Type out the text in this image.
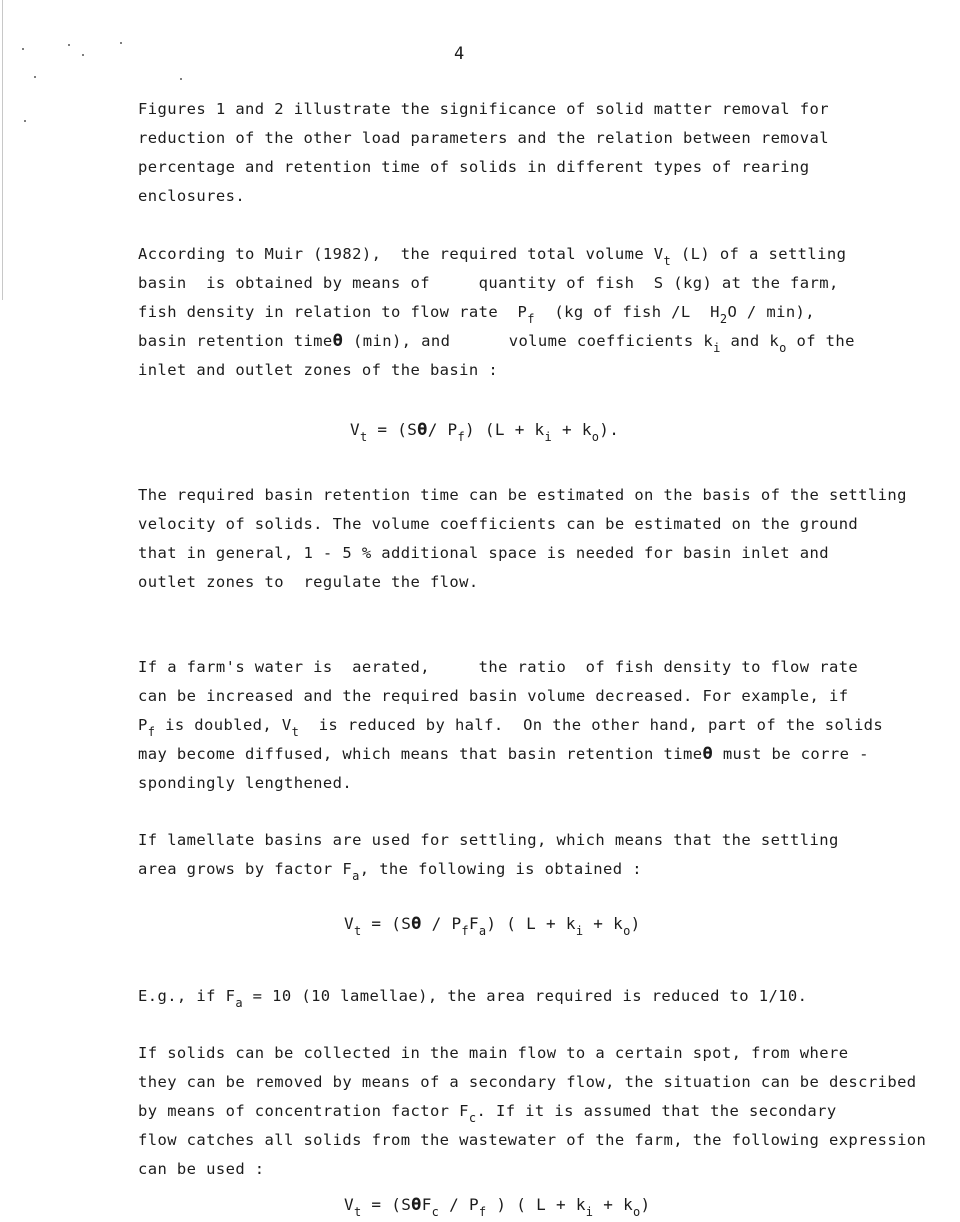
4
Figures 1 and 2 illustrate the significance of solid matter removal for
reduction of the other load parameters and the relation between removal
percentage and retention time of solids in different types of rearing
enclosures.
According to Muir (1982),  the required total volume $V_t$ (L) of a settling
basin  is obtained by means of     quantity of fish  S (kg) at the farm,
fish density in relation to flow rate  $P_f$  (kg of fish /L  $H_2O / \min$),
basin retention timeϴ (min), and      volume coefficients $k_i$ and $k_o$ of the
inlet and outlet zones of the basin :
$V_t = (Sϴ/$ $P_f$) $(L + k_i + k_o)$.
The required basin retention time can be estimated on the basis of the settling
velocity of solids. The volume coefficients can be estimated on the ground
that in general, 1 - 5 % additional space is needed for basin inlet and
outlet zones to  regulate the flow.
If a farm's water is  aerated,     the ratio  of fish density to flow rate
can be increased and the required basin volume decreased. For example, if
$P_f$ is doubled, $V_t$  is reduced by half.  On the other hand, part of the solids
may become diffused, which means that basin retention timeϴ must be corre -
spondingly lengthened.
If lamellate basins are used for settling, which means that the settling
area grows by factor $F_a$, the following is obtained :
$V_t = (Sϴ / P_fF_a)$ ( $L + k_i + k_o$)
E.g., if $F_a = 10$ (10 lamellae), the area required is reduced to 1/10.
If solids can be collected in the main flow to a certain spot, from where
they can be removed by means of a secondary flow, the situation can be described
by means of concentration factor $F_c$. If it is assumed that the secondary
flow catches all solids from the wastewater of the farm, the following expression
can be used :
$V_t = (SϴF_c / P_f$ ) ( $L + k_i + k_o$)
